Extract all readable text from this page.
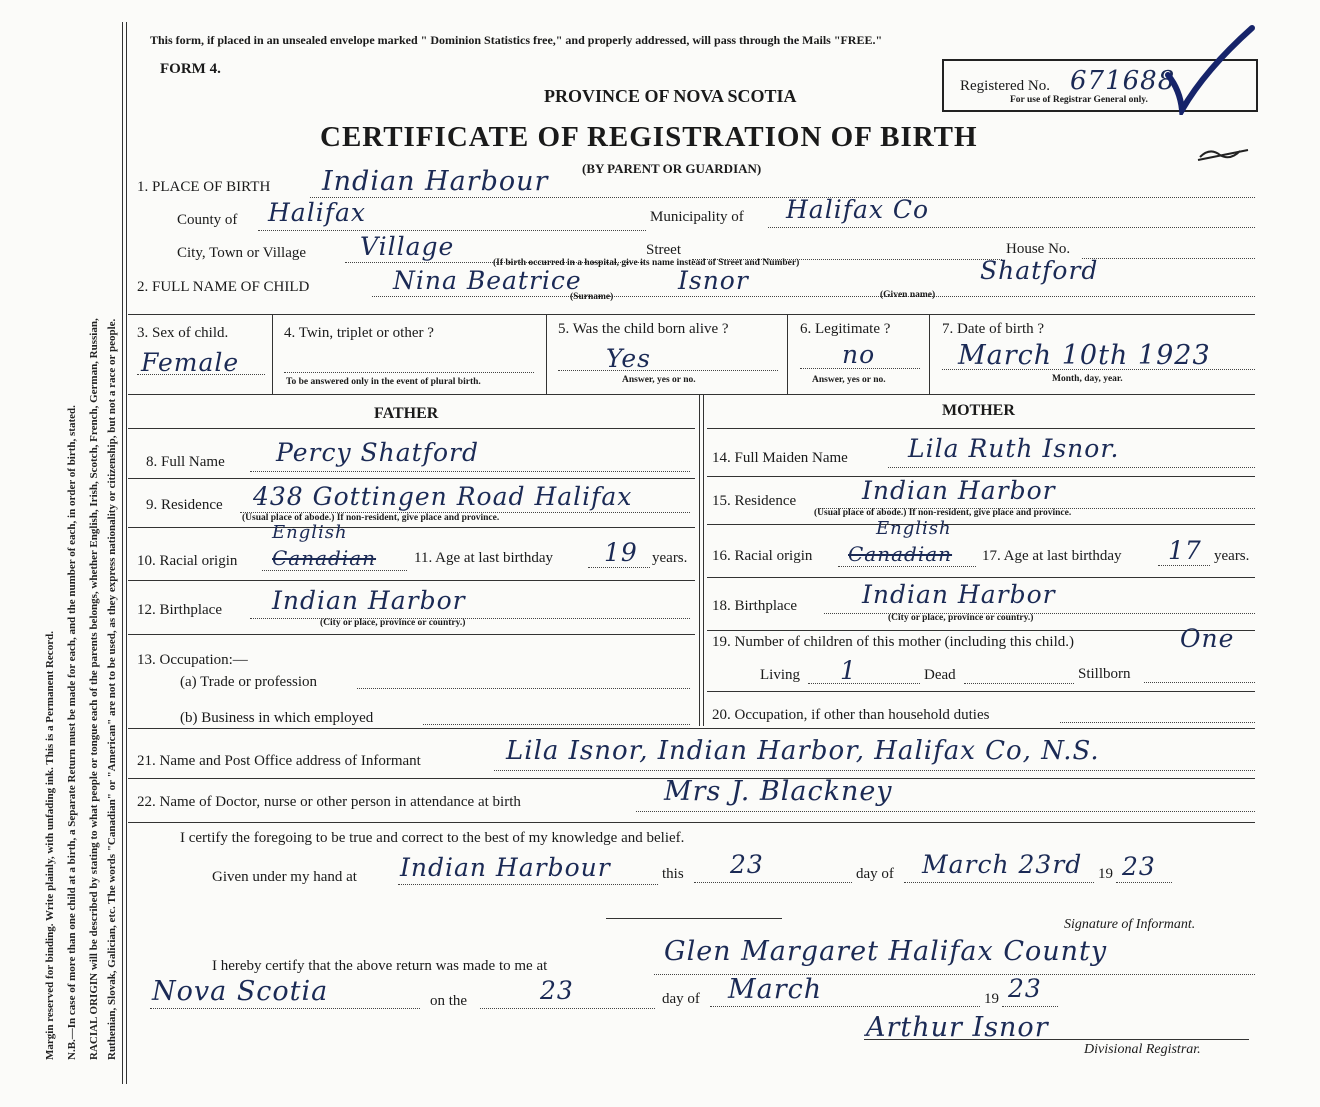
Margin reserved for binding. Write plainly, with unfading ink. This is a Permanent Record. N.B.—In case of more than one child at a birth, a Separate Return must be made for each, and the number of each, in order of birth, stated. RACIAL ORIGIN will be described by stating to what people or tongue each of the parents belongs, whether English, Irish, Scotch, French, German, Russian, Ruthenian, Slovak, Galician, etc. The words "Canadian" or "American" are not to be used, as they express nationality or citizenship, but not a race or people.
This form, if placed in an unsealed envelope marked " Dominion Statistics free," and properly addressed, will pass through the Mails "FREE."
FORM 4.
PROVINCE OF NOVA SCOTIA	Registered No. 671688
For use of Registrar General only.
CERTIFICATE OF REGISTRATION OF BIRTH
(BY PARENT OR GUARDIAN)
1. PLACE OF BIRTH Indian Harbour
County of Halifax	Municipality of Halifax Co
City, Town or Village Village	Street	House No.
(If birth occurred in a hospital, give its name instead of Street and Number)
2. FULL NAME OF CHILD	Nina Beatrice	Isnor	Shatford
(Surname)	(Given name)
3. Sex of child.
Female
4. Twin, triplet or other ?
To be answered only in the event of plural birth.
5. Was the child born alive ?
Yes
Answer, yes or no.
6. Legitimate ?
no
Answer, yes or no.
7. Date of birth ?
March 10th 1923
Month, day, year.
FATHER	MOTHER
8. Full Name Percy Shatford
9. Residence 438 Gottingen Road Halifax
(Usual place of abode.) If non-resident, give place and province.
10. Racial origin
English
Canadian	11. Age at last birthday 19 years.
12. Birthplace Indian Harbor
(City or place, province or country.)
13. Occupation:—
(a) Trade or profession
(b) Business in which employed
14. Full Maiden Name Lila Ruth Isnor.
15. Residence	Indian Harbor
(Usual place of abode.) If non-resident, give place and province.
16. Racial origin
English
Canadian 17. Age at last birthday 17 years.
18. Birthplace	Indian Harbor
(City or place, province or country.)
19. Number of children of this mother (including this child.)	One
Living 1	Dead	Stillborn
20. Occupation, if other than household duties
21. Name and Post Office address of Informant	Lila Isnor, Indian Harbor, Halifax Co, N.S.
22. Name of Doctor, nurse or other person in attendance at birth	Mrs J. Blackney
I certify the foregoing to be true and correct to the best of my knowledge and belief.
Given under my hand at Indian Harbour	this 23	day of March 23rd 19 23
Signature of Informant.
I hereby certify that the above return was made to me at	Glen Margaret Halifax County
Nova Scotia	on the	23	day of March	19 23
Arthur Isnor
Divisional Registrar.
